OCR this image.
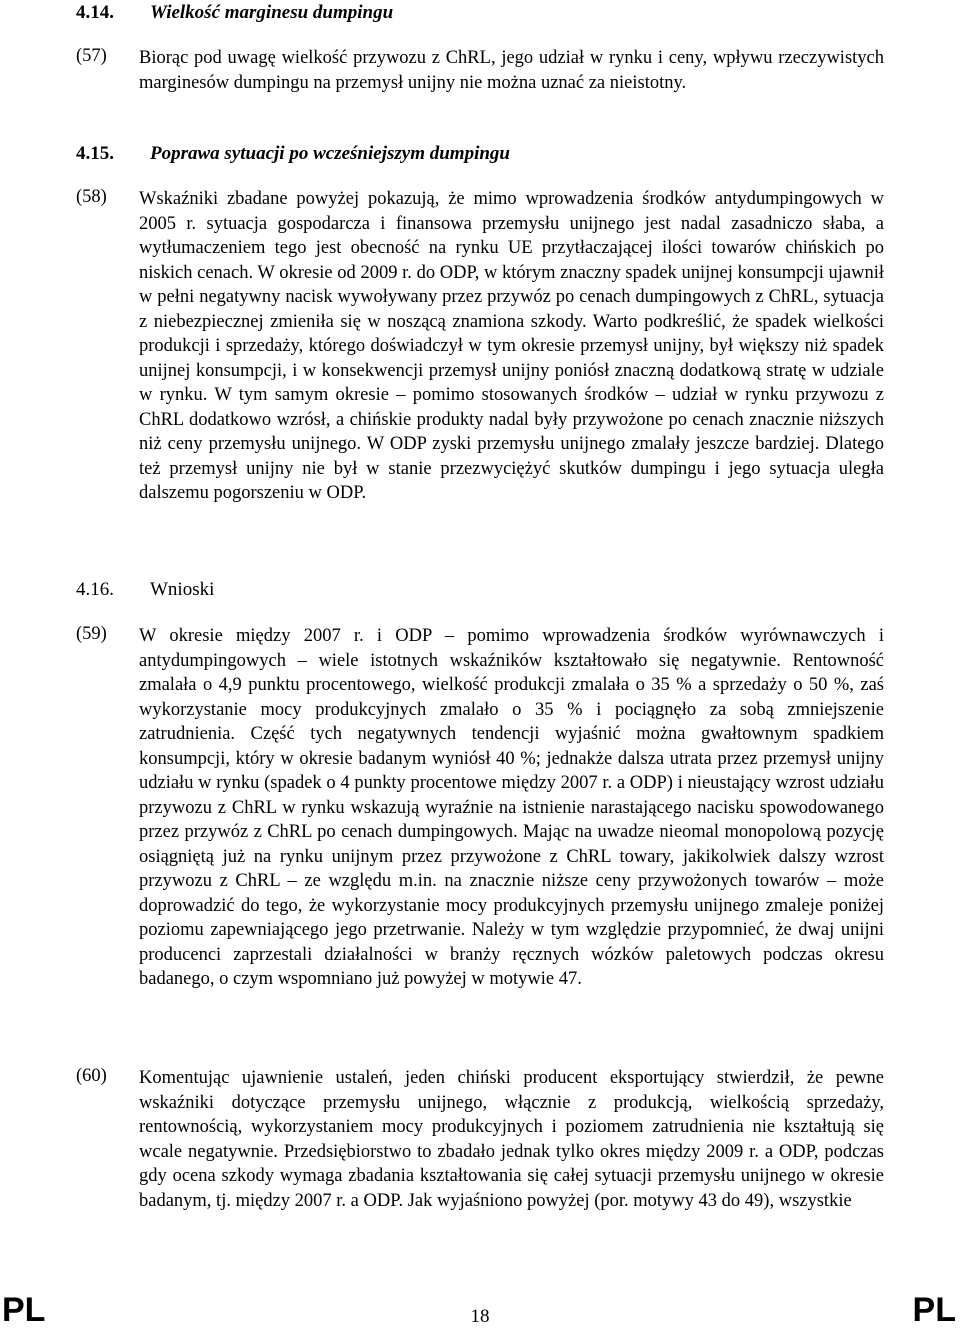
4.14. Wielkość marginesu dumpingu
(57) Biorąc pod uwagę wielkość przywozu z ChRL, jego udział w rynku i ceny, wpływu rzeczywistych marginesów dumpingu na przemysł unijny nie można uznać za nieistotny.
4.15. Poprawa sytuacji po wcześniejszym dumpingu
(58) Wskaźniki zbadane powyżej pokazują, że mimo wprowadzenia środków antydumpingowych w 2005 r. sytuacja gospodarcza i finansowa przemysłu unijnego jest nadal zasadniczo słaba, a wytłumaczeniem tego jest obecność na rynku UE przytłaczającej ilości towarów chińskich po niskich cenach. W okresie od 2009 r. do ODP, w którym znaczny spadek unijnej konsumpcji ujawnił w pełni negatywny nacisk wywoływany przez przywóz po cenach dumpingowych z ChRL, sytuacja z niebezpiecznej zmieniła się w noszącą znamiona szkody. Warto podkreślić, że spadek wielkości produkcji i sprzedaży, którego doświadczył w tym okresie przemysł unijny, był większy niż spadek unijnej konsumpcji, i w konsekwencji przemysł unijny poniósł znaczną dodatkową stratę w udziale w rynku. W tym samym okresie – pomimo stosowanych środków – udział w rynku przywozu z ChRL dodatkowo wzrósł, a chińskie produkty nadal były przywożone po cenach znacznie niższych niż ceny przemysłu unijnego. W ODP zyski przemysłu unijnego zmalały jeszcze bardziej. Dlatego też przemysł unijny nie był w stanie przezwyciężyć skutków dumpingu i jego sytuacja uległa dalszemu pogorszeniu w ODP.
4.16. Wnioski
(59) W okresie między 2007 r. i ODP – pomimo wprowadzenia środków wyrównawczych i antydumpingowych – wiele istotnych wskaźników kształtowało się negatywnie. Rentowność zmalała o 4,9 punktu procentowego, wielkość produkcji zmalała o 35 % a sprzedaży o 50 %, zaś wykorzystanie mocy produkcyjnych zmalało o 35 % i pociągnęło za sobą zmniejszenie zatrudnienia. Część tych negatywnych tendencji wyjaśnić można gwałtownym spadkiem konsumpcji, który w okresie badanym wyniósł 40 %; jednakże dalsza utrata przez przemysł unijny udziału w rynku (spadek o 4 punkty procentowe między 2007 r. a ODP) i nieustający wzrost udziału przywozu z ChRL w rynku wskazują wyraźnie na istnienie narastającego nacisku spowodowanego przez przywóz z ChRL po cenach dumpingowych. Mając na uwadze nieomal monopolową pozycję osiągniętą już na rynku unijnym przez przywożone z ChRL towary, jakikolwiek dalszy wzrost przywozu z ChRL – ze względu m.in. na znacznie niższe ceny przywożonych towarów – może doprowadzić do tego, że wykorzystanie mocy produkcyjnych przemysłu unijnego zmaleje poniżej poziomu zapewniającego jego przetrwanie. Należy w tym względzie przypomnieć, że dwaj unijni producenci zaprzestali działalności w branży ręcznych wózków paletowych podczas okresu badanego, o czym wspomniano już powyżej w motywie 47.
(60) Komentując ujawnienie ustaleń, jeden chiński producent eksportujący stwierdził, że pewne wskaźniki dotyczące przemysłu unijnego, włącznie z produkcją, wielkością sprzedaży, rentownością, wykorzystaniem mocy produkcyjnych i poziomem zatrudnienia nie kształtują się wcale negatywnie. Przedsiębiorstwo to zbadało jednak tylko okres między 2009 r. a ODP, podczas gdy ocena szkody wymaga zbadania kształtowania się całej sytuacji przemysłu unijnego w okresie badanym, tj. między 2007 r. a ODP. Jak wyjaśniono powyżej (por. motywy 43 do 49), wszystkie
PL	18	PL
